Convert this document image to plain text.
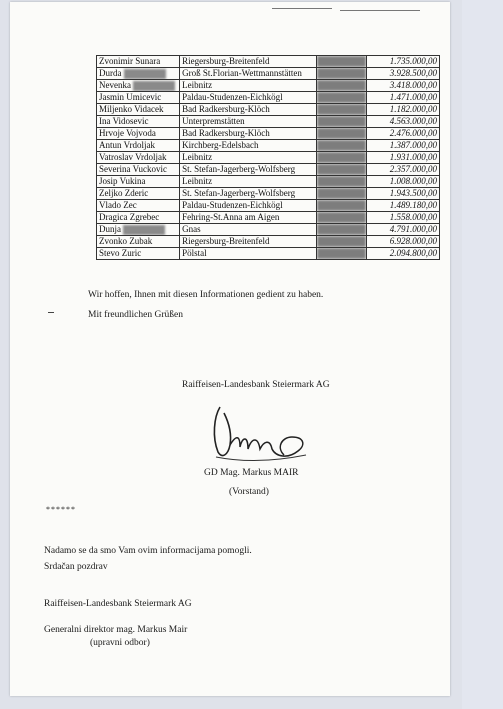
Zvonimir Sunara	Riegersburg-Breitenfeld		1.735.000,00
Durda	Groß St.Florian-Wettmannstätten		3.928.500,00
Nevenka	Leibnitz		3.418.000,00
Jasmin Umicevic	Paldau-Studenzen-Eichkögl		1.471.000,00
Miljenko Vidacek	Bad Radkersburg-Klöch		1.182.000,00
Ina Vidosevic	Unterpremstätten		4.563.000,00
Hrvoje Vojvoda	Bad Radkersburg-Klöch		2.476.000,00
Antun Vrdoljak	Kirchberg-Edelsbach		1.387.000,00
Vatroslav Vrdoljak	Leibnitz		1.931.000,00
Severina Vuckovic	St. Stefan-Jagerberg-Wolfsberg		2.357.000,00
Josip Vukina	Leibnitz		1.008.000,00
Zeljko Zderic	St. Stefan-Jagerberg-Wolfsberg		1.943.500,00
Vlado Zec	Paldau-Studenzen-Eichkögl		1.489.180,00
Dragica Zgrebec	Fehring-St.Anna am Aigen		1.558.000,00
Dunja	Gnas		4.791.000,00
Zvonko Zubak	Riegersburg-Breitenfeld		6.928.000,00
Stevo Zuric	Pölstal		2.094.800,00
Wir hoffen, Ihnen mit diesen Informationen gedient zu haben.
Mit freundlichen Grüßen
Raiffeisen-Landesbank Steiermark AG
GD Mag. Markus MAIR
(Vorstand)
******
Nadamo se da smo Vam ovim informacijama pomogli.
Srdačan pozdrav
Raiffeisen-Landesbank Steiermark AG
Generalni direktor mag. Markus Mair
(upravni odbor)
